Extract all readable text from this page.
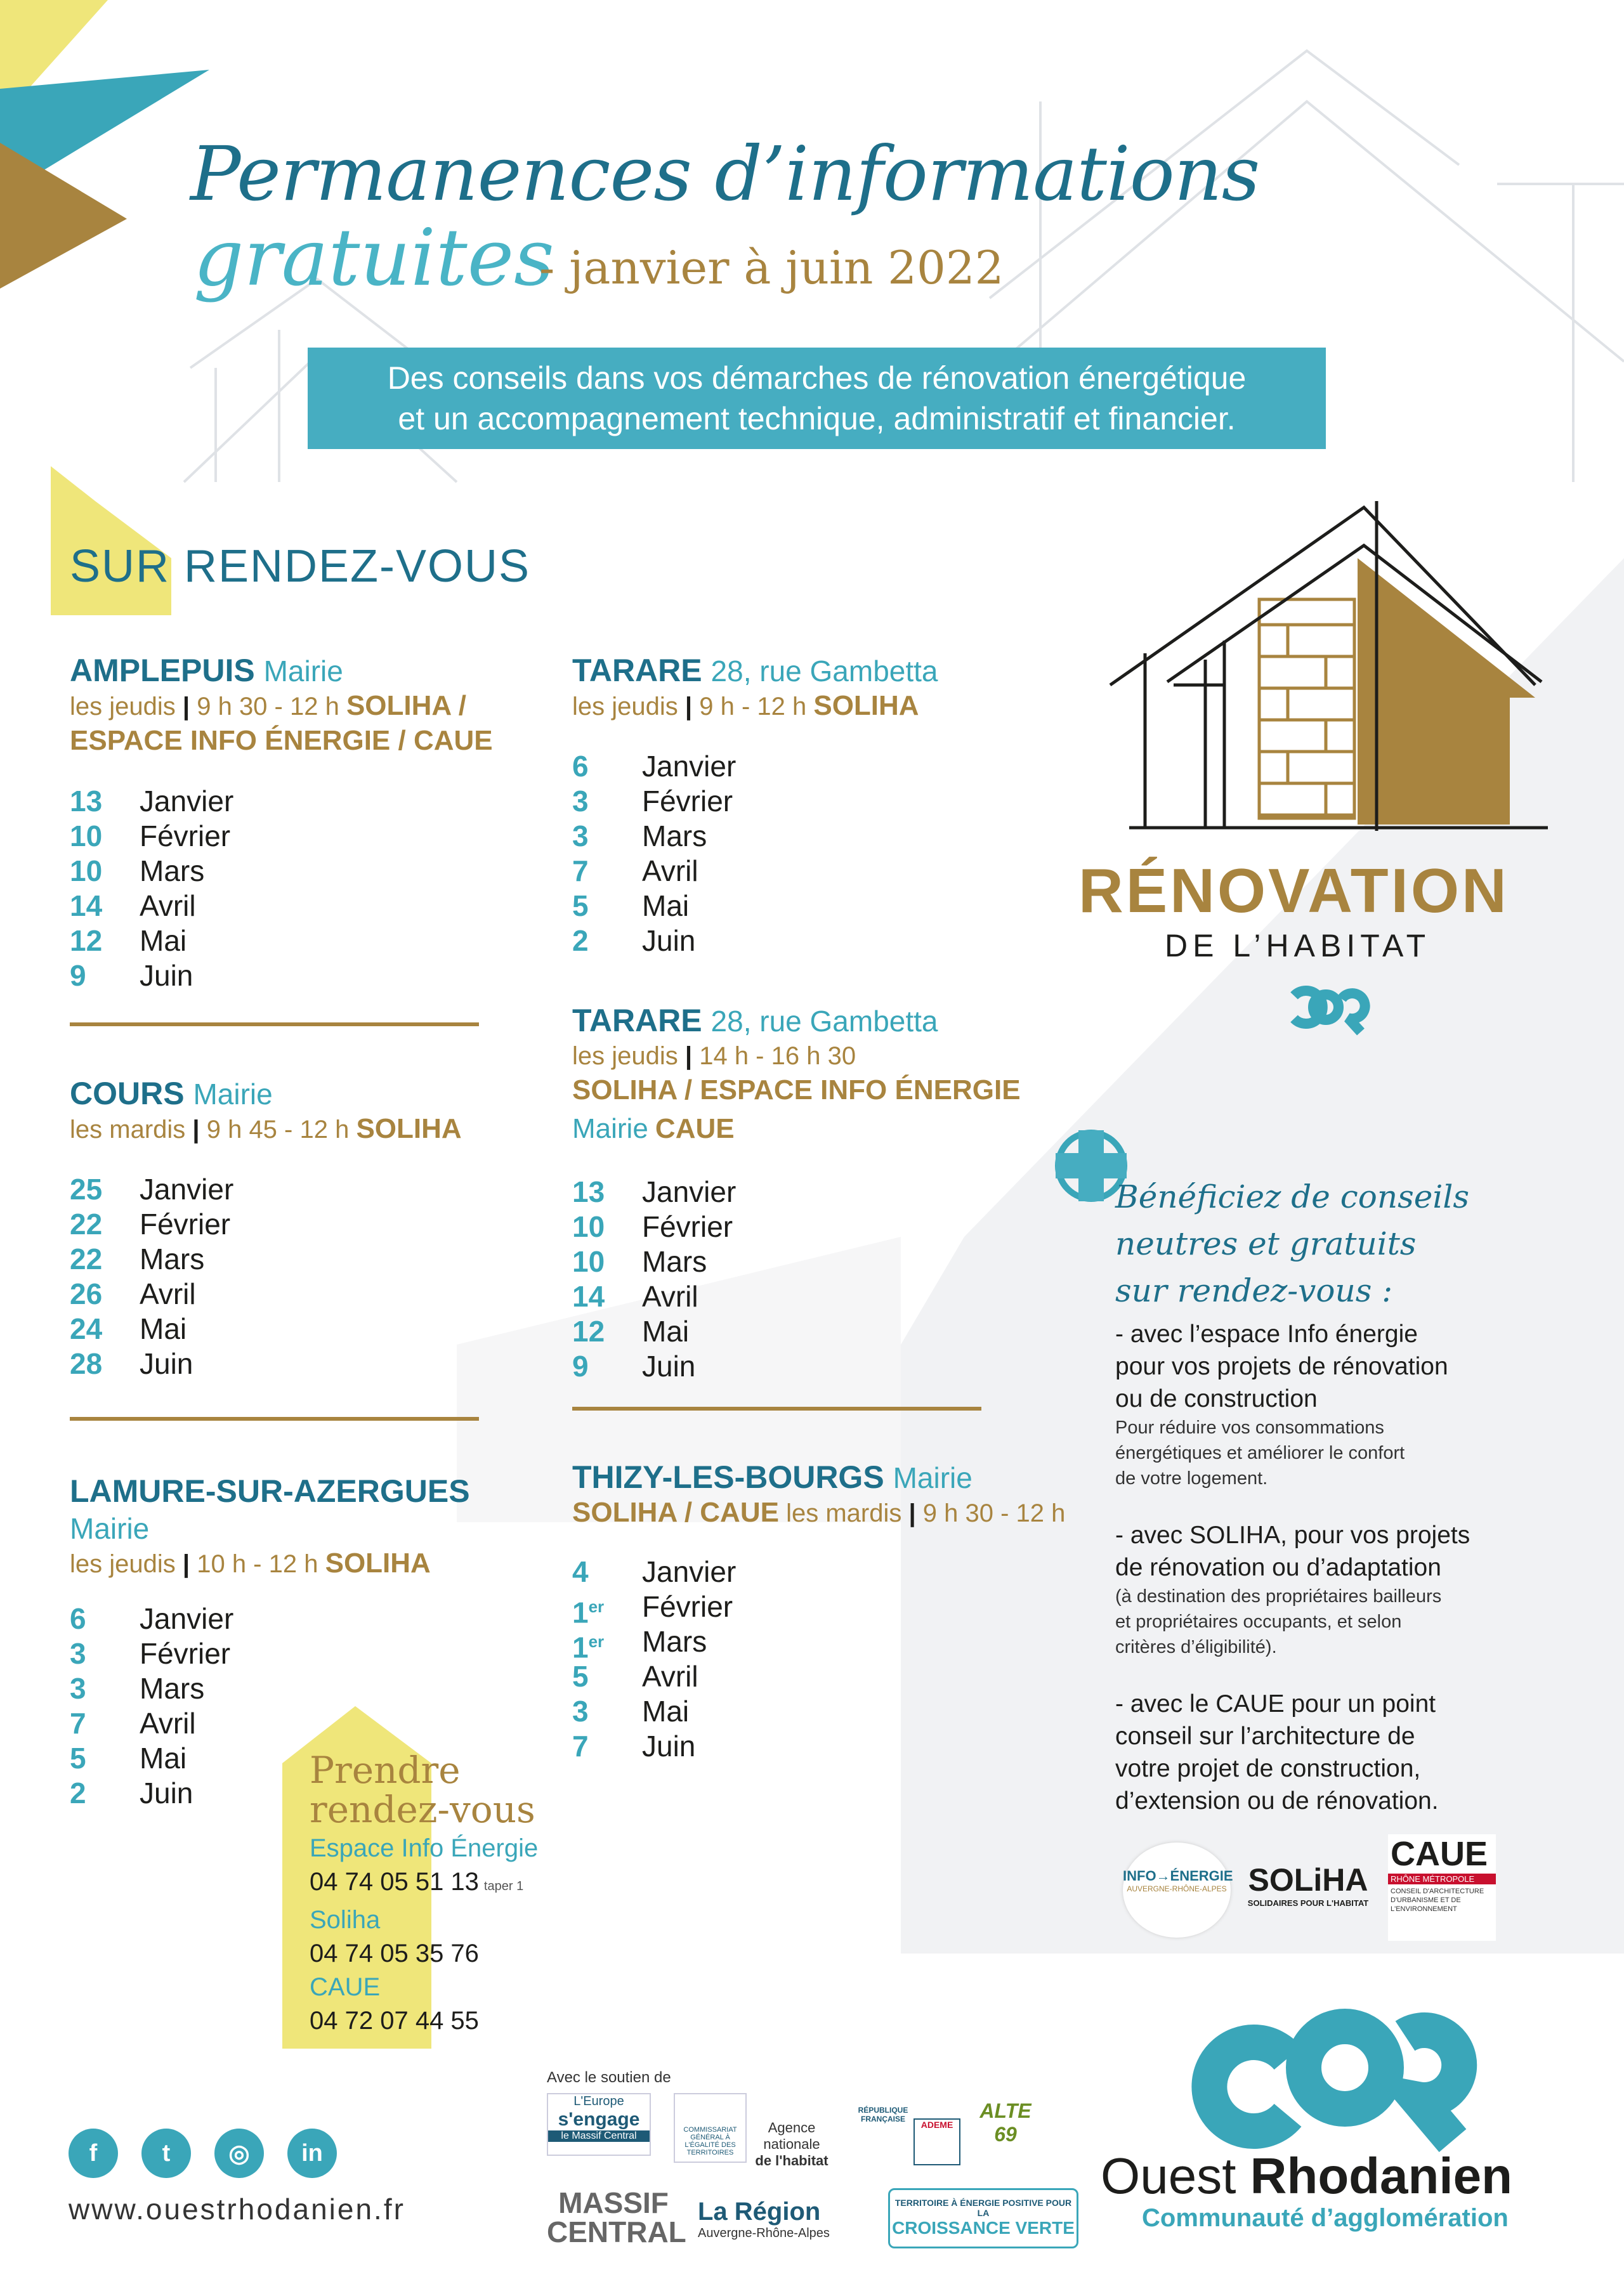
Permanences d’informations
gratuites
- janvier à juin 2022
Des conseils dans vos démarches de rénovation énergétique
et un accompagnement technique, administratif et financier.
SUR RENDEZ-VOUS
AMPLEPUIS Mairie
les jeudis | 9 h 30 - 12 h SOLIHA /
ESPACE INFO ÉNERGIE / CAUE
13	Janvier
10	Février
10	Mars
14	Avril
12	Mai
9	Juin
COURS Mairie
les mardis | 9 h 45 - 12 h SOLIHA
25	Janvier
22	Février
22	Mars
26	Avril
24	Mai
28	Juin
LAMURE-SUR-AZERGUES
Mairie
les jeudis | 10 h - 12 h SOLIHA
6	Janvier
3	Février
3	Mars
7	Avril
5	Mai
2	Juin
TARARE 28, rue Gambetta
les jeudis | 9 h - 12 h SOLIHA
6	Janvier
3	Février
3	Mars
7	Avril
5	Mai
2	Juin
TARARE 28, rue Gambetta
les jeudis | 14 h - 16 h 30
SOLIHA / ESPACE INFO ÉNERGIE
Mairie CAUE
13	Janvier
10	Février
10	Mars
14	Avril
12	Mai
9	Juin
THIZY-LES-BOURGS Mairie
SOLIHA / CAUE les mardis | 9 h 30 - 12 h
4	Janvier
1er	Février
1er	Mars
5	Avril
3	Mai
7	Juin
Prendre
rendez-vous
Espace Info Énergie
04 74 05 51 13 taper 1
Soliha
04 74 05 35 76
CAUE
04 72 07 44 55
RÉNOVATION
DE L’HABITAT
Bénéficiez de conseils
neutres et gratuits
sur rendez-vous :
- avec l’espace Info énergie
pour vos projets de rénovation
ou de construction
Pour réduire vos consommations
énergétiques et améliorer le confort
de votre logement.
- avec SOLIHA, pour vos projets
de rénovation ou d’adaptation
(à destination des propriétaires bailleurs
et propriétaires occupants, et selon
critères d’éligibilité).
- avec le CAUE pour un point
conseil sur l’architecture de
votre projet de construction,
d’extension ou de rénovation.
INFO→ÉNERGIE
AUVERGNE-RHÔNE-ALPES SOLiHA
SOLIDAIRES POUR L'HABITAT
CAUE
RHÔNE MÉTROPOLE
CONSEIL D'ARCHITECTURE D'URBANISME ET DE L'ENVIRONNEMENT
f	t	◎	in
www.ouestrhodanien.fr
Avec le soutien de
L'Europe
s'engage
le Massif Central
COMMISSARIAT GÉNÉRAL À L'ÉGALITÉ DES TERRITOIRES
Agence
nationale
de l'habitat
RÉPUBLIQUE FRANÇAISE
ADEME
ALTE 69
MASSIF
CENTRAL
La Région
Auvergne-Rhône-Alpes
TERRITOIRE À ÉNERGIE POSITIVE POUR LA
CROISSANCE VERTE
Ouest Rhodanien
Communauté d’agglomération
